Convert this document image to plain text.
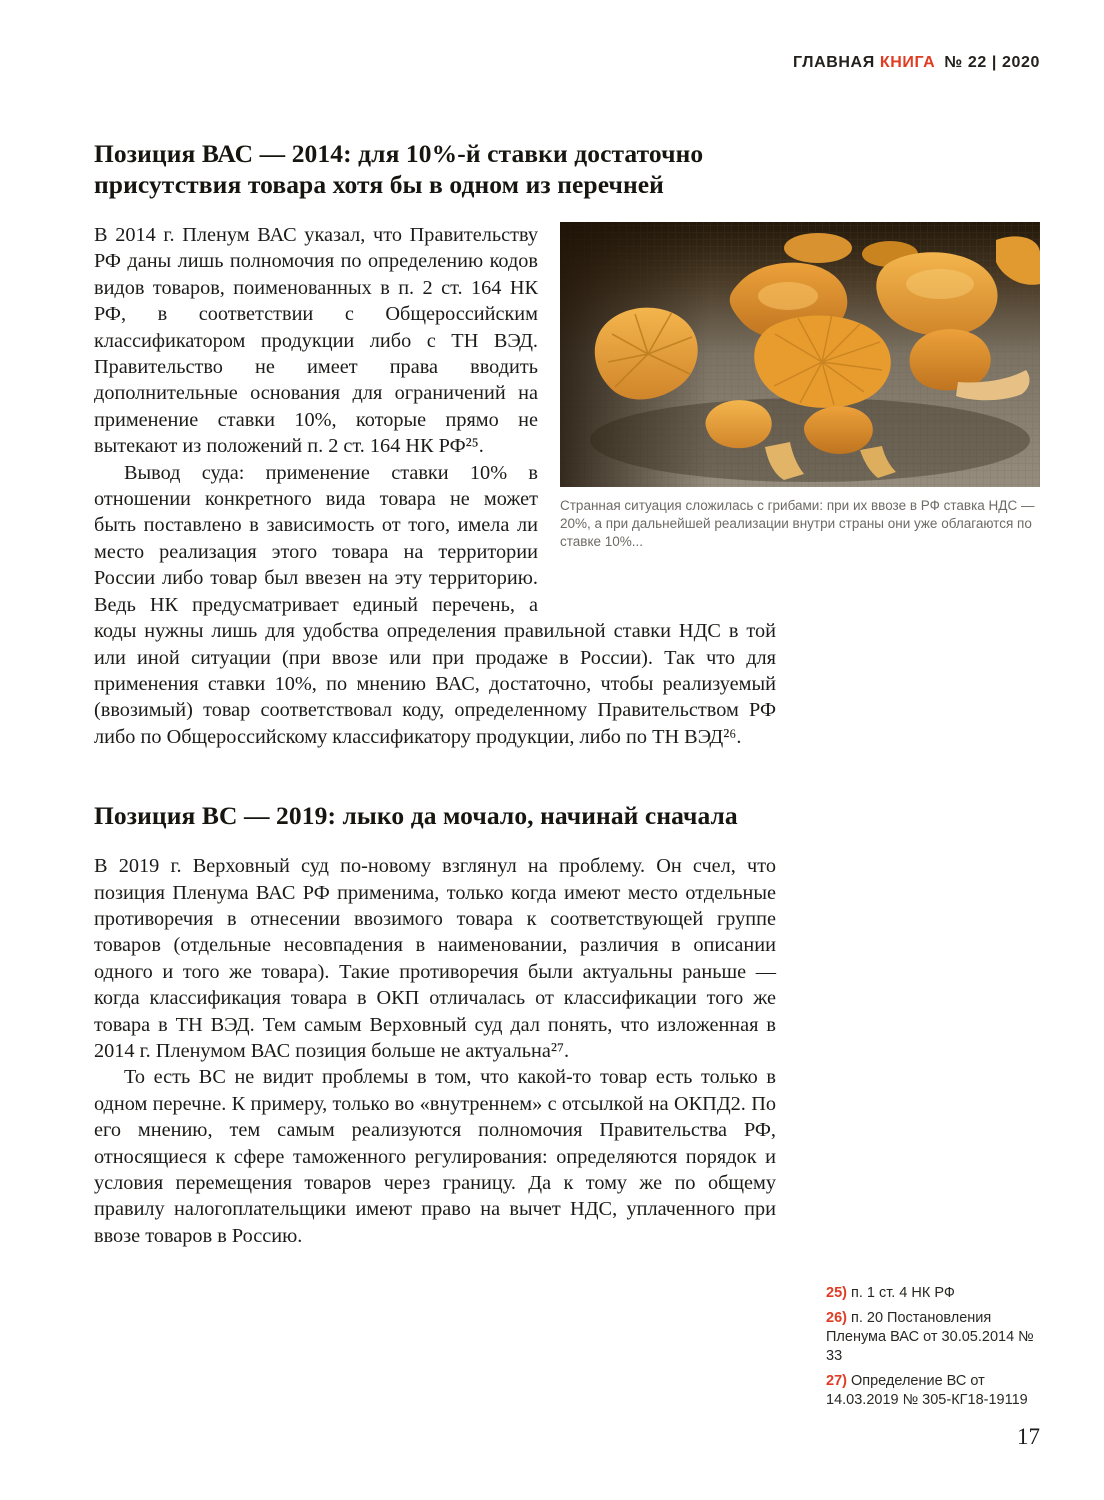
ГЛАВНАЯ КНИГА № 22 | 2020
Позиция ВАС — 2014: для 10%-й ставки достаточно присутствия товара хотя бы в одном из перечней
Странная ситуация сложилась с грибами: при их ввозе в РФ ставка НДС — 20%, а при дальнейшей реализации внутри страны они уже облагаются по ставке 10%...

В 2014 г. Пленум ВАС указал, что Правительству РФ даны лишь полномочия по определению кодов видов товаров, поименованных в п. 2 ст. 164 НК РФ, в соответствии с Общероссийским классификатором продукции либо с ТН ВЭД. Правительство не имеет права вводить дополнительные основания для ограничений на применение ставки 10%, которые прямо не вытекают из положений п. 2 ст. 164 НК РФ²⁵.

Вывод суда: применение ставки 10% в отношении конкретного вида товара не может быть поставлено в зависимость от того, имела ли место реализация этого товара на территории России либо товар был ввезен на эту территорию. Ведь НК предусматривает единый перечень, а коды нужны лишь для удобства определения правильной ставки НДС в той или иной ситуации (при ввозе или при продаже в России). Так что для применения ставки 10%, по мнению ВАС, достаточно, чтобы реализуемый (ввозимый) товар соответствовал коду, определенному Правительством РФ либо по Общероссийскому классификатору продукции, либо по ТН ВЭД²⁶.

Позиция ВС — 2019: лыко да мочало, начинай сначала

В 2019 г. Верховный суд по-новому взглянул на проблему. Он счел, что позиция Пленума ВАС РФ применима, только когда имеют место отдельные противоречия в отнесении ввозимого товара к соответствующей группе товаров (отдельные несовпадения в наименовании, различия в описании одного и того же товара). Такие противоречия были актуальны раньше — когда классификация товара в ОКП отличалась от классификации того же товара в ТН ВЭД. Тем самым Верховный суд дал понять, что изложенная в 2014 г. Пленумом ВАС позиция больше не актуальна²⁷.

То есть ВС не видит проблемы в том, что какой-то товар есть только в одном перечне. К примеру, только во «внутреннем» с отсылкой на ОКПД2. По его мнению, тем самым реализуются полномочия Правительства РФ, относящиеся к сфере таможенного регулирования: определяются порядок и условия перемещения товаров через границу. Да к тому же по общему правилу налогоплательщики имеют право на вычет НДС, уплаченного при ввозе товаров в Россию.

25) п. 1 ст. 4 НК РФ
26) п. 20 Постановления Пленума ВАС от 30.05.2014 № 33
27) Определение ВС от 14.03.2019 № 305-КГ18-19119
17
